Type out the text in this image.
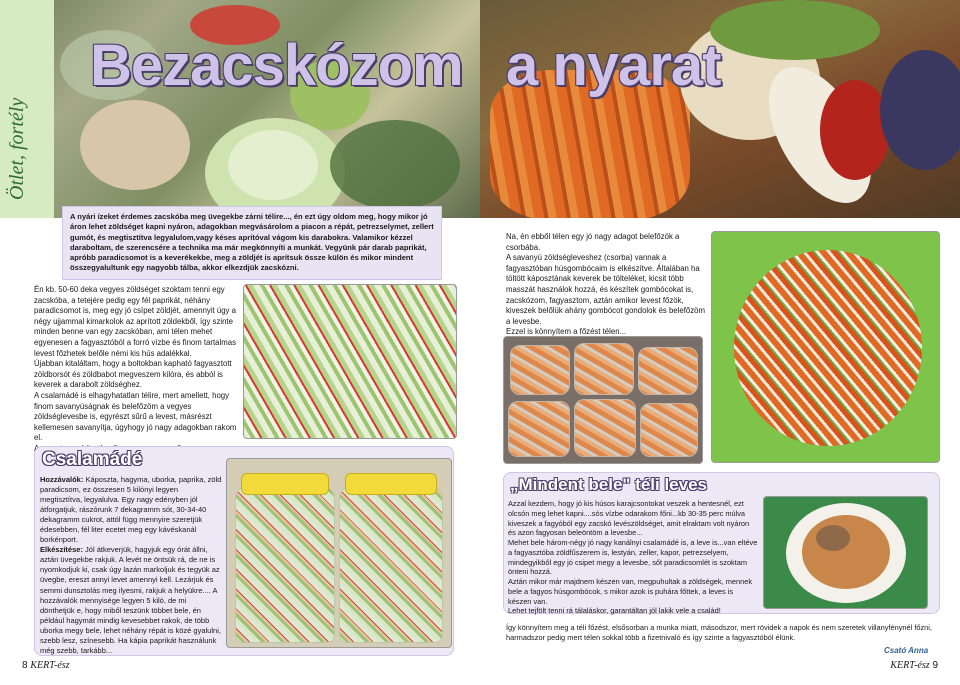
Ötlet, fortély
Bezacskózom
A nyári ízeket érdemes zacskóba meg üvegekbe zárni télire..., én ezt úgy oldom meg, hogy mikor jó áron lehet zöldséget kapni nyáron, adagokban megvásárolom a piacon a répát, petrezselymet, zellert gumót, és megtisztítva legyalulom,vagy késes aprítóval vágom kis darabokra. Valamikor kézzel daraboltam, de szerencsére a technika ma már megkönnyíti a munkát. Vegyünk pár darab paprikát, apróbb paradicsomot is a keverékekbe, meg a zöldjét is aprítsuk össze külön és mikor mindent összegyalultunk egy nagyobb tálba, akkor elkezdjük zacskózni.

Én kb. 50-60 deka vegyes zöldséget szoktam tenni egy zacskóba, a tetejére pedig egy fél paprikát, néhány paradicsomot is, meg egy jó csípet zöldjét, amennyit úgy a négy ujjammal kimarkolok az aprított zöldekből, így szinte minden benne van egy zacskóban, ami télen mehet egyenesen a fagyasztóból a forró vízbe és finom tartalmas levest főzhetek belőle némi kis hús adalékkal.

Újabban kitaláltam, hogy a boltokban kapható fagyasztott zöldborsót és zöldbabot megveszem kilóra, és abból is keverek a darabolt zöldséghez.

A csalamádé is elhagyhatatlan télire, mert amellett, hogy finom savanyúságnak és belefőzöm a vegyes zöldséglevesbe is, egyrészt sűrű a levest, másrészt kellemesen savanyítja, úgyhogy jó nagy adagokban rakom el.

Csalamádé

Hozzávalók: Káposzta, hagyma, uborka, paprika, zöld paradicsom, ez összesen 5 kilónyi legyen megtisztítva, legyalulva. Egy nagy edényben jól átforgatjuk, rászórunk 7 dekagramm sót, 30-34-40 dekagramm cukrot, attól függ mennyire szeretjük édesebben, fél liter ecetet meg egy kávéskanál borkénport.

Elkészítése: Jól átkeverjük, hagyjuk egy órát állni, aztán üvegekbe rakjuk. A levét ne öntsük rá, de ne is nyomkodjuk ki, csak úgy lazán markoljuk és tegyük az üvegbe, ereszt annyi levet amennyi kell. Lezárjuk és semmi dunsztolás meg ilyesmi, rakjuk a helyükre.... A hozzávalók mennyisége legyen 5 kiló, de mi dönthetjük e, hogy miből teszünk többet bele, én például hagymát mindig kevesebbet rakok, de több uborka megy bele, lehet néhány répát is közé gyalulni, szebb lesz, színesebb. Ha kápia paprikát használunk még szebb, tarkább...

8 KERT-ész
a nyarat

Na, én ebből télen egy jó nagy adagot belefőzök a csorbába.

A savanyú zöldségleveshez (csorba) vannak a fagyasztóban húsgombócaim is elkészítve. Általában ha töltött káposztának keverek be tölteléket, kicsit több masszát használok hozzá, és készítek gombócokat is, zacskózom, fagyasztom, aztán amikor levest főzök, kiveszek belőlük ahány gombócot gondolok és belefőzöm a levesbe.

Ezzel is könnyítem a főzést télen...

„Mindent bele" téli leves

Azzal kezdem, hogy jó kis húsos karajcsontokat veszek a hentesnél, ezt olcsón meg lehet kapni....sós vízbe odarakom főni...kb 30-35 perc múlva kiveszek a fagyóból egy zacskó levészöldséget, amit elraktam volt nyáron és azon fagyosan beleöntöm a levesbe...

Mehet bele három-négy jó nagy kanálnyi csalamádé is, a leve is...van eltéve a fagyasztóba zöldfűszerem is, lestyán, zeller, kapor, petrezselyem, mindegyikből egy jó csipet megy a levesbe, sőt paradicsomlét is szoktam önteni hozzá.

Aztán mikor már majdnem készen van, megpuhultak a zöldségek, mennek bele a fagyos húsgombócok, s mikor azok is puhára főttek, a leves is készen van.

Lehet tejfölt tenni rá tálaláskor, garantáltan jól lakik vele a család!

Így könnyítem meg a téli főzést, elsősorban a munka miatt, másodszor, mert rövidek a napok és nem szeretek villanyfénynél főzni, harmadszor pedig mert télen sokkal több a fizetnivaló és így szinte a fagyasztóból élünk.
Csató Anna
KERT-ész 9
